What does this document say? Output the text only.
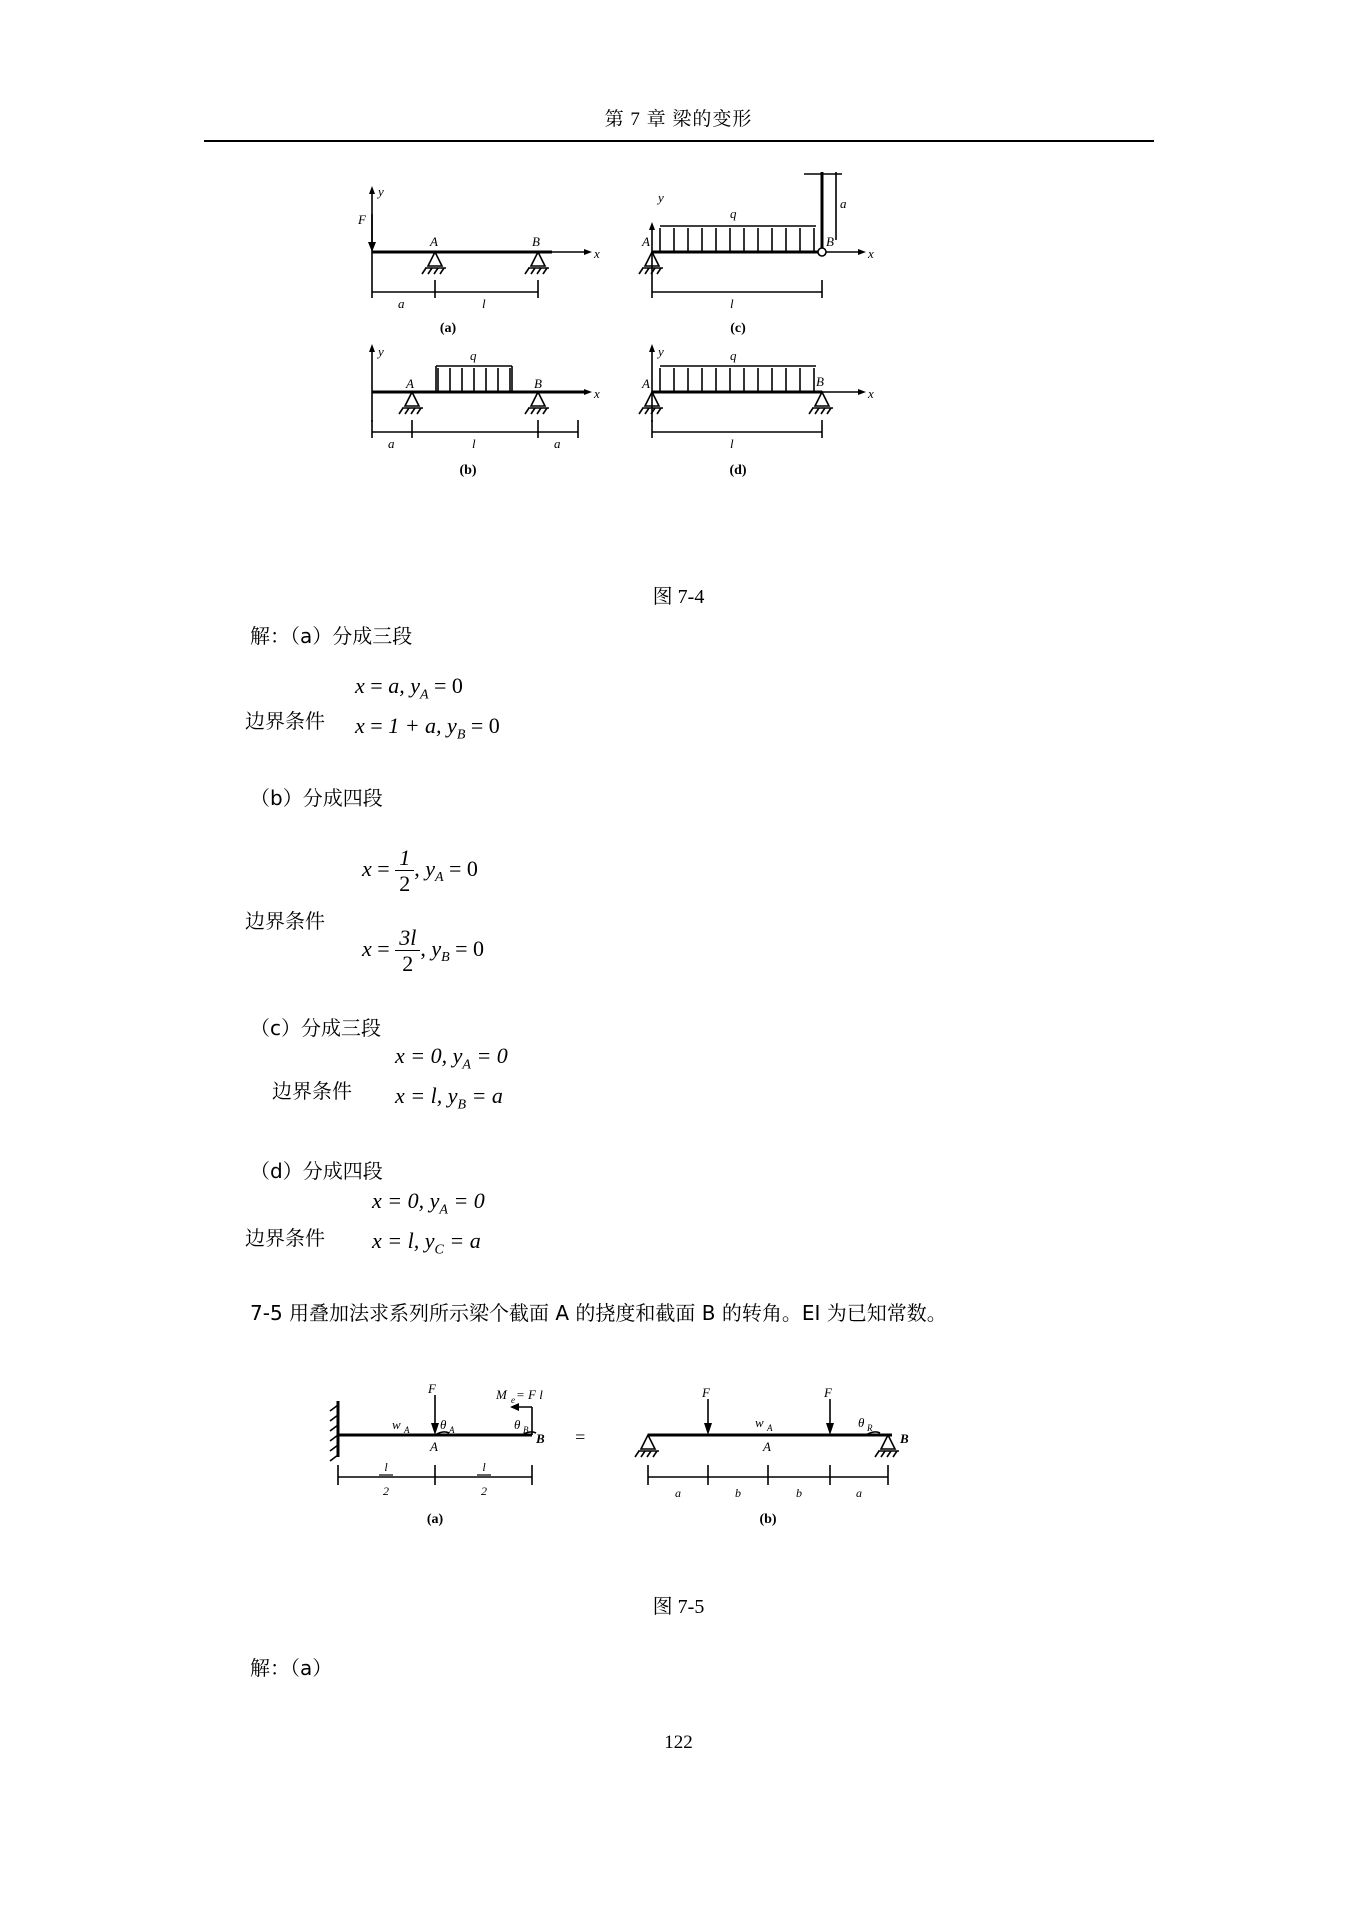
第 7 章 梁的变形
y
F
A	B
x
a	l
(a)
y
q
A	B
x
l
a
(c)
y	q
A	B
x
a	l	a
(b)
y	q
A	B
x
l
(d)
图 7-4
解：（a）分成三段
边界条件
x = a, $y_A = 0$
x = 1 + a, $y_B = 0$
（b）分成四段
边界条件
$x = \frac{1}{2}$ , $y_A = 0$
$x = \frac{3l}{2}$ , $y_B = 0$
（c）分成三段
边界条件
x = 0, $y_A = 0$
x = l, $y_B = a$
（d）分成四段
边界条件
x = 0, $y_A = 0$
x = l, $y_C = a$
7-5 用叠加法求系列所示梁个截面 A 的挠度和截面 B 的转角。EI 为已知常数。
F
w A θ A
A
θ B
B
M e = F l
=
l
2
l
2
(a)
F	F
w A
A
θ R
B
a	b	b	a
(b)
图 7-5
解：（a）
122
